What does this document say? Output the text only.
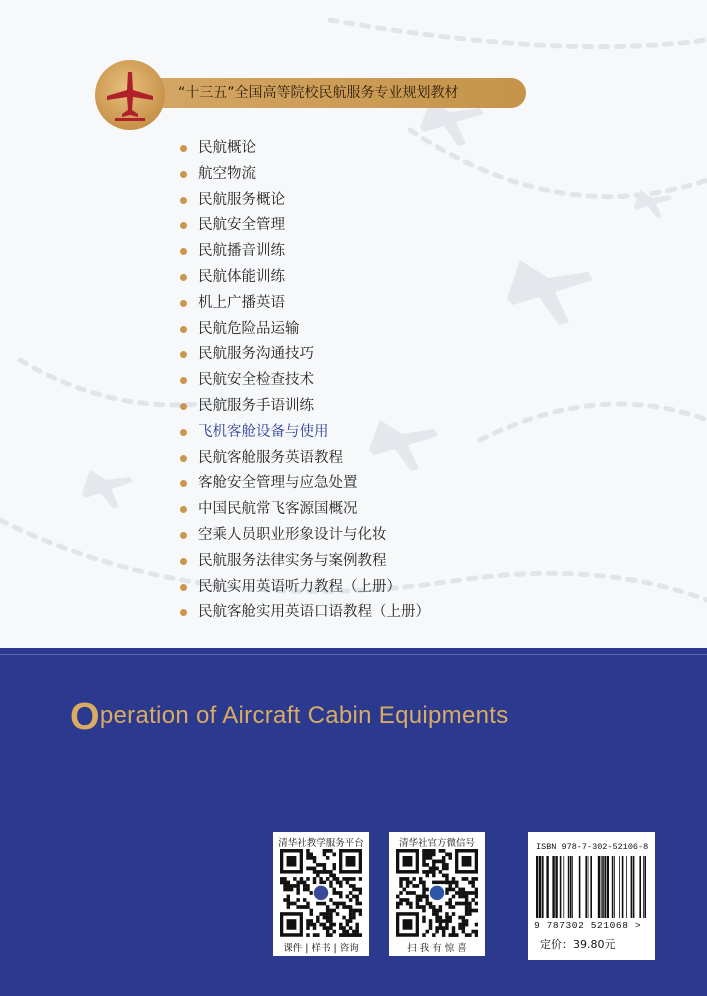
“十三五”全国高等院校民航服务专业规划教材
民航概论
航空物流
民航服务概论
民航安全管理
民航播音训练
民航体能训练
机上广播英语
民航危险品运输
民航服务沟通技巧
民航安全检查技术
民航服务手语训练
飞机客舱设备与使用
民航客舱服务英语教程
客舱安全管理与应急处置
中国民航常飞客源国概况
空乘人员职业形象设计与化妆
民航服务法律实务与案例教程
民航实用英语听力教程（上册）
民航客舱实用英语口语教程（上册）
Operation of Aircraft Cabin Equipments
清华社教学服务平台
课件 | 样书 | 咨询
清华社官方微信号
扫 我 有 惊 喜
ISBN 978-7-302-52106-8
9 787302 521068 >
定价：39.80元
